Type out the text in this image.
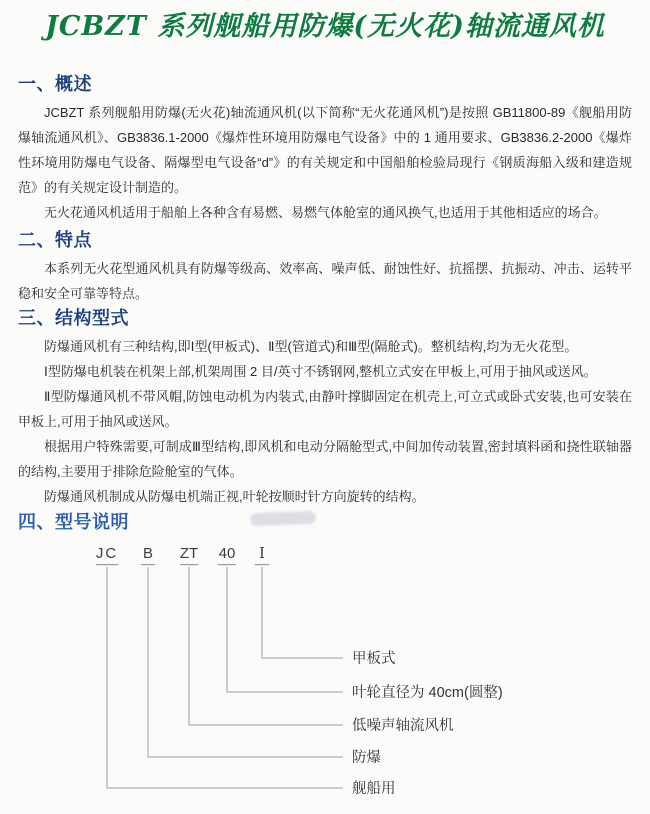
JCBZT 系列舰船用防爆(无火花)轴流通风机
一、概述

JCBZT 系列舰船用防爆(无火花)轴流通风机(以下简称“无火花通风机”)是按照 GB11800-89《舰船用防爆轴流通风机》、GB3836.1-2000《爆炸性环境用防爆电气设备》中的 1 通用要求、GB3836.2-2000《爆炸性环境用防爆电气设备、隔爆型电气设备“d”》的有关规定和中国船舶检验局现行《钢质海船入级和建造规范》的有关规定设计制造的。

无火花通风机适用于船舶上各种含有易燃、易燃气体舱室的通风换气,也适用于其他相适应的场合。

二、特点

本系列无火花型通风机具有防爆等级高、效率高、噪声低、耐蚀性好、抗摇摆、抗振动、冲击、运转平稳和安全可靠等特点。

三、结构型式

防爆通风机有三种结构,即Ⅰ型(甲板式)、Ⅱ型(管道式)和Ⅲ型(隔舱式)。整机结构,均为无火花型。

Ⅰ型防爆电机装在机架上部,机架周围 2 目/英寸不锈钢网,整机立式安在甲板上,可用于抽风或送风。

Ⅱ型防爆通风机不带风帽,防蚀电动机为内装式,由静叶撑脚固定在机壳上,可立式或卧式安装,也可安装在甲板上,可用于抽风或送风。

根据用户特殊需要,可制成Ⅲ型结构,即风机和电动分隔舱型式,中间加传动装置,密封填料函和挠性联轴器的结构,主要用于排除危险舱室的气体。

防爆通风机制成从防爆电机端正视,叶轮按顺时针方向旋转的结构。

四、型号说明
JC B ZT 40 I
甲板式
叶轮直径为 40cm(圆整)
低噪声轴流风机
防爆
舰船用
